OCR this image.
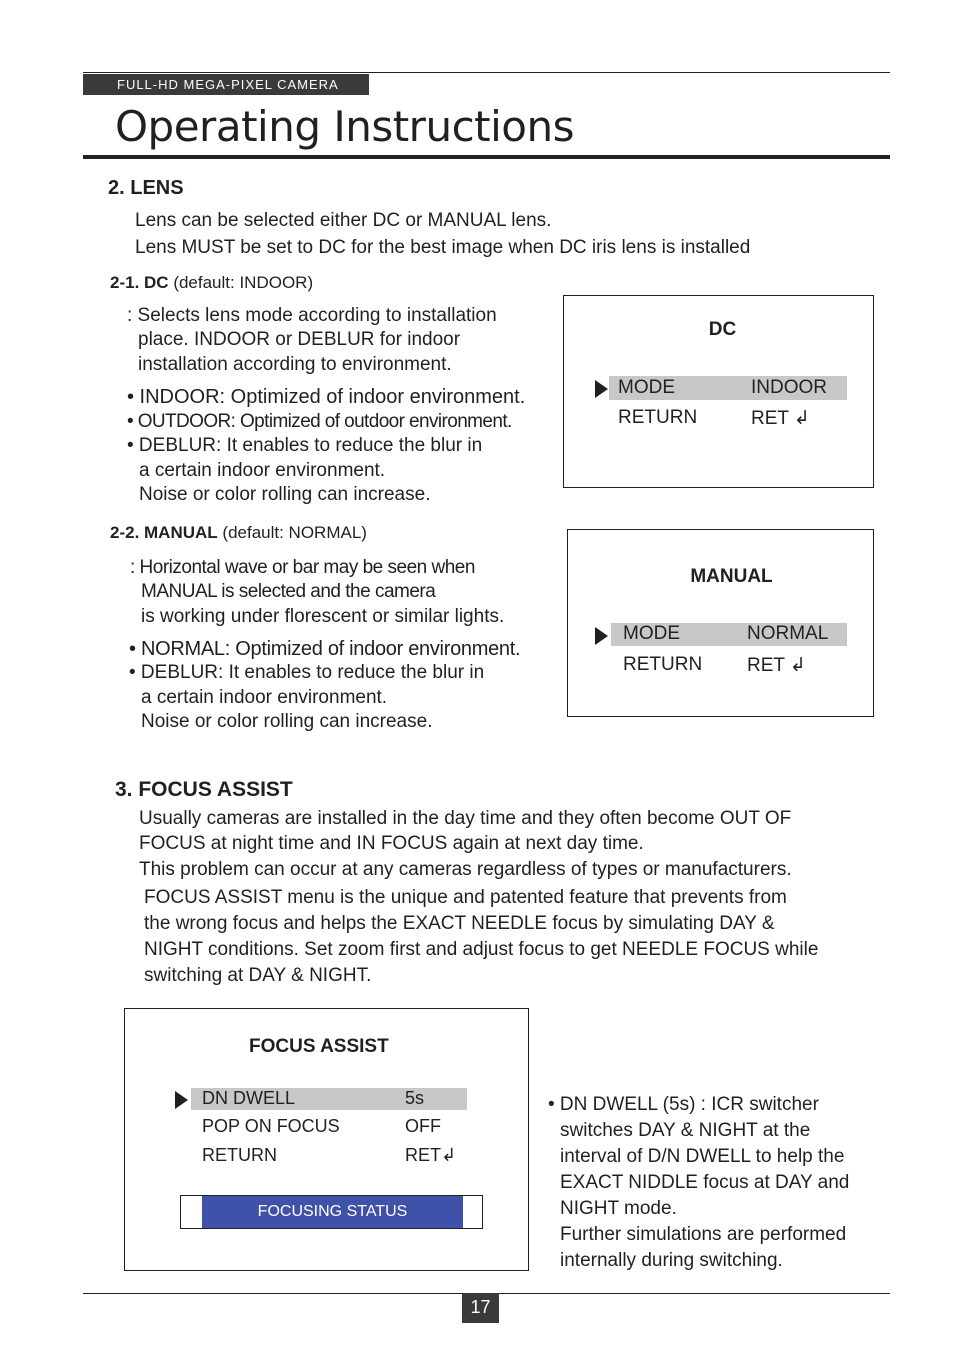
FULL-HD MEGA-PIXEL CAMERA
Operating Instructions
2. LENS
Lens can be selected either DC or MANUAL lens.
Lens MUST be set to DC for the best image when DC iris lens is installed
2-1. DC (default: INDOOR)
: Selects lens mode according to installation
place. INDOOR or DEBLUR for indoor
installation according to environment.
• INDOOR: Optimized of indoor environment.
• OUTDOOR: Optimized of outdoor environment.
• DEBLUR: It enables to reduce the blur in
a certain indoor environment.
Noise or color rolling can increase.
DC
MODE	INDOOR
RETURN	RET ↲
2-2. MANUAL (default: NORMAL)
: Horizontal wave or bar may be seen when
MANUAL is selected and the camera
is working under florescent or similar lights.
• NORMAL: Optimized of indoor environment.
• DEBLUR: It enables to reduce the blur in
a certain indoor environment.
Noise or color rolling can increase.
MANUAL
MODE	NORMAL
RETURN RET ↲
3. FOCUS ASSIST
Usually cameras are installed in the day time and they often become OUT OF
FOCUS at night time and IN FOCUS again at next day time.
This problem can occur at any cameras regardless of types or manufacturers.
FOCUS ASSIST menu is the unique and patented feature that prevents from
the wrong focus and helps the EXACT NEEDLE focus by simulating DAY &
NIGHT conditions. Set zoom first and adjust focus to get NEEDLE FOCUS while
switching at DAY & NIGHT.
FOCUS ASSIST
DN DWELL	5s
POP ON FOCUS	OFF
RETURN	RET↲
FOCUSING STATUS
• DN DWELL (5s) : ICR switcher
switches DAY & NIGHT at the
interval of D/N DWELL to help the
EXACT NIDDLE focus at DAY and
NIGHT mode.
Further simulations are performed
internally during switching.
17
